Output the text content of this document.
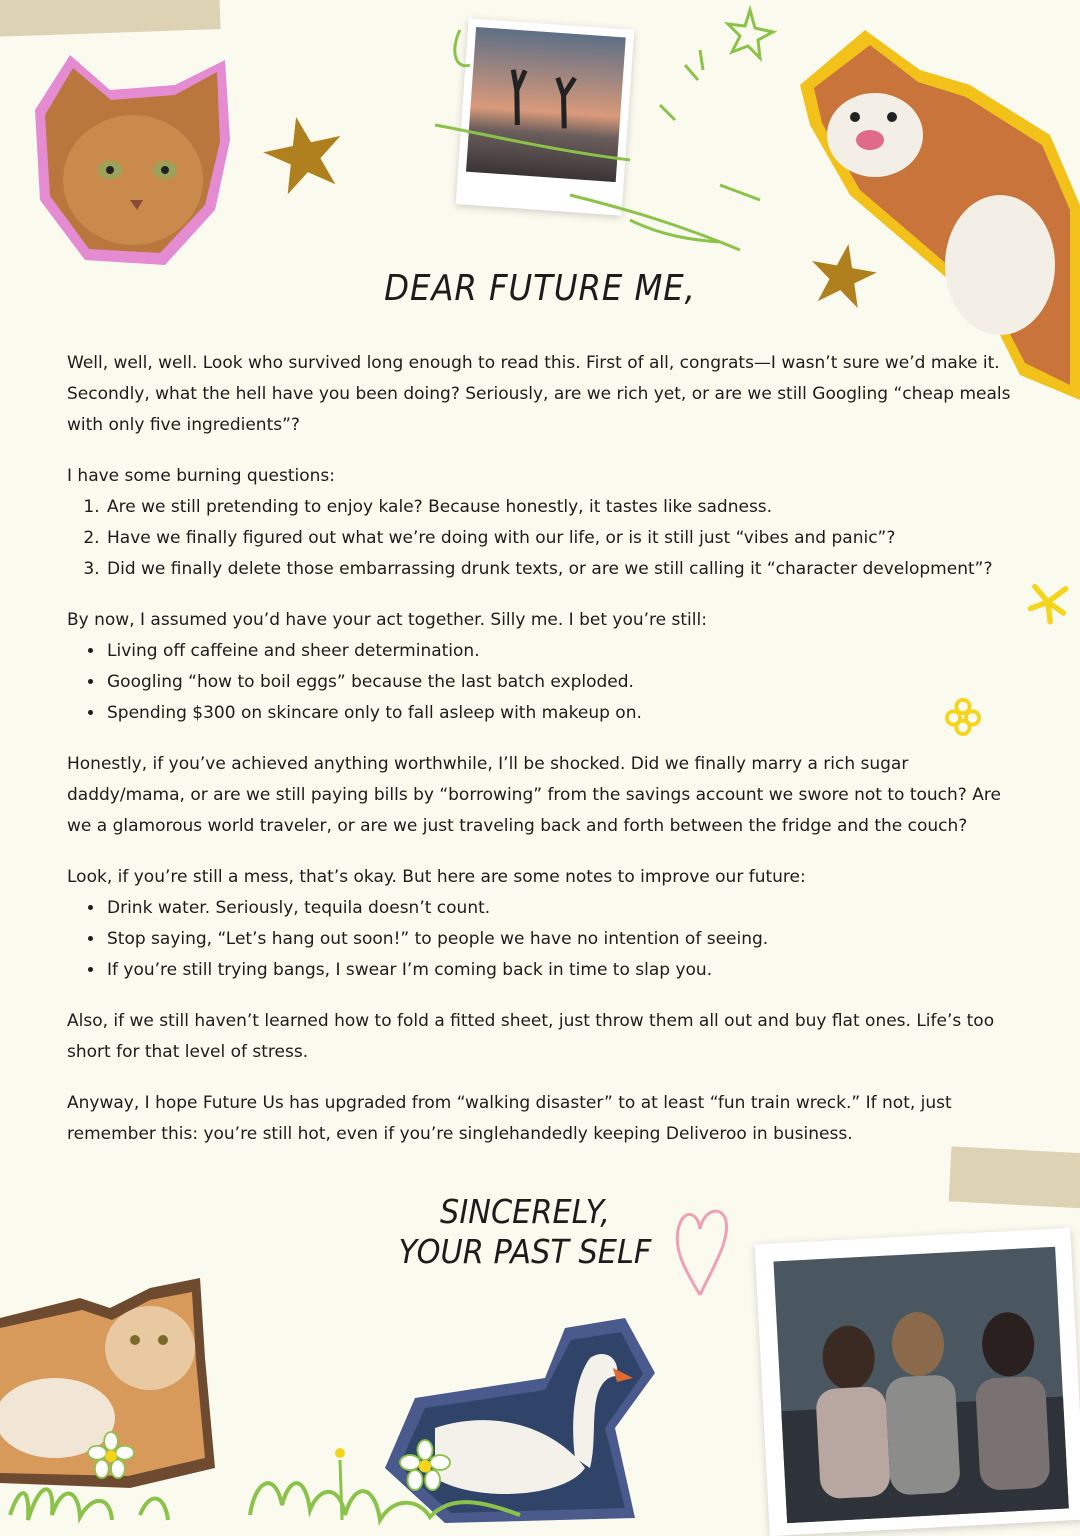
DEAR FUTURE ME,

Well, well, well. Look who survived long enough to read this. First of all, congrats—I wasn’t sure we’d make it. Secondly, what the hell have you been doing? Seriously, are we rich yet, or are we still Googling “cheap meals with only five ingredients”?

I have some burning questions:

1. Are we still pretending to enjoy kale? Because honestly, it tastes like sadness.
2. Have we finally figured out what we’re doing with our life, or is it still just “vibes and panic”?
3. Did we finally delete those embarrassing drunk texts, or are we still calling it “character development”?

By now, I assumed you’d have your act together. Silly me. I bet you’re still:

• Living off caffeine and sheer determination.
• Googling “how to boil eggs” because the last batch exploded.
• Spending $300 on skincare only to fall asleep with makeup on.

Honestly, if you’ve achieved anything worthwhile, I’ll be shocked. Did we finally marry a rich sugar daddy/mama, or are we still paying bills by “borrowing” from the savings account we swore not to touch? Are we a glamorous world traveler, or are we just traveling back and forth between the fridge and the couch?

Look, if you’re still a mess, that’s okay. But here are some notes to improve our future:

• Drink water. Seriously, tequila doesn’t count.
• Stop saying, “Let’s hang out soon!” to people we have no intention of seeing.
• If you’re still trying bangs, I swear I’m coming back in time to slap you.

Also, if we still haven’t learned how to fold a fitted sheet, just throw them all out and buy flat ones. Life’s too short for that level of stress.

Anyway, I hope Future Us has upgraded from “walking disaster” to at least “fun train wreck.” If not, just remember this: you’re still hot, even if you’re singlehandedly keeping Deliveroo in business.

SINCERELY,
YOUR PAST SELF
